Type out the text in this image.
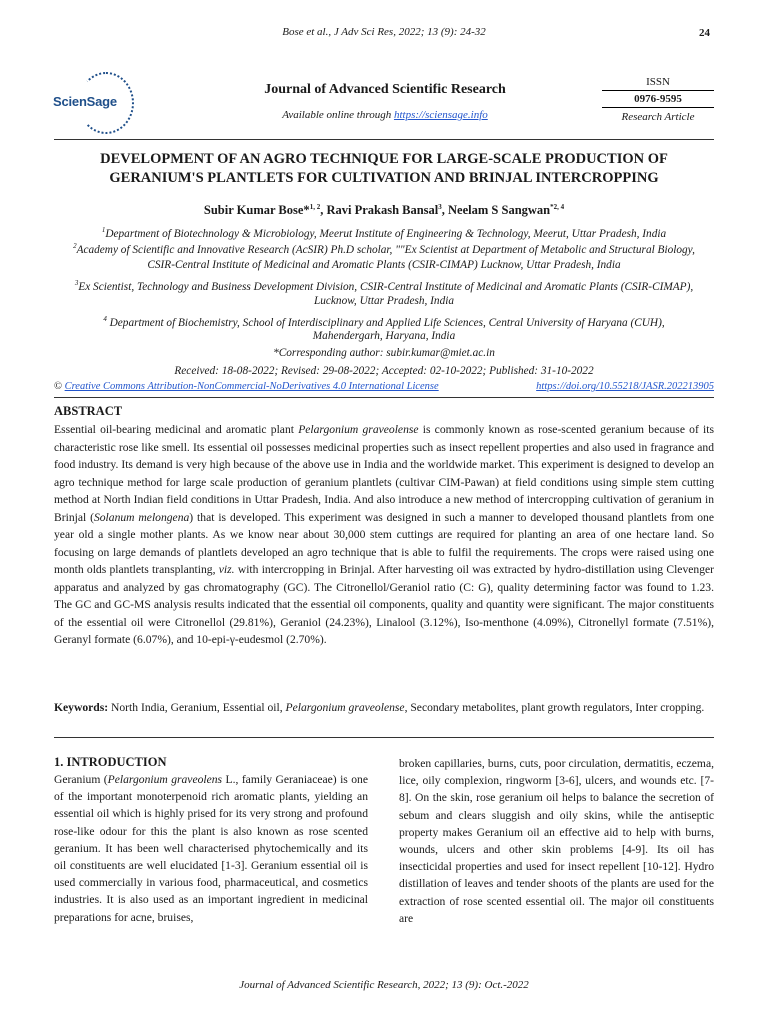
Bose et al., J Adv Sci Res, 2022; 13 (9): 24-32	24
ScienSage
Journal of Advanced Scientific Research
Available online through https://sciensage.info
ISSN
0976-9595
Research Article
DEVELOPMENT OF AN AGRO TECHNIQUE FOR LARGE-SCALE PRODUCTION OF
GERANIUM'S PLANTLETS FOR CULTIVATION AND BRINJAL INTERCROPPING
Subir Kumar Bose*$^{1, 2}$, Ravi Prakash Bansal$^3$, Neelam S Sangwan$^{*2, 4}$
$^1$Department of Biotechnology & Microbiology, Meerut Institute of Engineering & Technology, Meerut, Uttar Pradesh, India
$^2$Academy of Scientific and Innovative Research (AcSIR) Ph.D scholar, ""Ex Scientist at Department of Metabolic and Structural Biology,
CSIR-Central Institute of Medicinal and Aromatic Plants (CSIR-CIMAP) Lucknow, Uttar Pradesh, India
$^3$Ex Scientist, Technology and Business Development Division, CSIR-Central Institute of Medicinal and Aromatic Plants (CSIR-CIMAP),
Lucknow, Uttar Pradesh, India
$^4$ Department of Biochemistry, School of Interdisciplinary and Applied Life Sciences, Central University of Haryana (CUH),
Mahendergarh, Haryana, India
*Corresponding author: subir.kumar@miet.ac.in
Received: 18-08-2022; Revised: 29-08-2022; Accepted: 02-10-2022; Published: 31-10-2022
© Creative Commons Attribution-NonCommercial-NoDerivatives 4.0 International License	https://doi.org/10.55218/JASR.202213905
ABSTRACT
Essential oil-bearing medicinal and aromatic plant Pelargonium graveolense is commonly known as rose-scented geranium because of its characteristic rose like smell. Its essential oil possesses medicinal properties such as insect repellent properties and also used in fragrance and food industry. Its demand is very high because of the above use in India and the worldwide market. This experiment is designed to develop an agro technique method for large scale production of geranium plantlets (cultivar CIM-Pawan) at field conditions using simple stem cutting method at North Indian field conditions in Uttar Pradesh, India. And also introduce a new method of intercropping cultivation of geranium in Brinjal (Solanum melongena) that is developed. This experiment was designed in such a manner to developed thousand plantlets from one year old a single mother plants. As we know near about 30,000 stem cuttings are required for planting an area of one hectare land. So focusing on large demands of plantlets developed an agro technique that is able to fulfil the requirements. The crops were raised using one month olds plantlets transplanting, viz. with intercropping in Brinjal. After harvesting oil was extracted by hydro-distillation using Clevenger apparatus and analyzed by gas chromatography (GC). The Citronellol/Geraniol ratio (C: G), quality determining factor was found to 1.23. The GC and GC-MS analysis results indicated that the essential oil components, quality and quantity were significant. The major constituents of the essential oil were Citronellol (29.81%), Geraniol (24.23%), Linalool (3.12%), Iso-menthone (4.09%), Citronellyl formate (7.51%), Geranyl formate (6.07%), and 10-epi-γ-eudesmol (2.70%).
Keywords: North India, Geranium, Essential oil, Pelargonium graveolense, Secondary metabolites, plant growth regulators, Inter cropping.
1. INTRODUCTION
Geranium (Pelargonium graveolens L., family Geraniaceae) is one of the important monoterpenoid rich aromatic plants, yielding an essential oil which is highly prised for its very strong and profound rose-like odour for this the plant is also known as rose scented geranium. It has been well characterised phytochemically and its oil constituents are well elucidated [1-3]. Geranium essential oil is used commercially in various food, pharmaceutical, and cosmetics industries. It is also used as an important ingredient in medicinal preparations for acne, bruises,
broken capillaries, burns, cuts, poor circulation, dermatitis, eczema, lice, oily complexion, ringworm [3-6], ulcers, and wounds etc. [7-8]. On the skin, rose geranium oil helps to balance the secretion of sebum and clears sluggish and oily skins, while the antiseptic property makes Geranium oil an effective aid to help with burns, wounds, ulcers and other skin problems [4-9]. Its oil has insecticidal properties and used for insect repellent [10-12]. Hydro distillation of leaves and tender shoots of the plants are used for the extraction of rose scented essential oil. The major oil constituents are
Journal of Advanced Scientific Research, 2022; 13 (9): Oct.-2022
